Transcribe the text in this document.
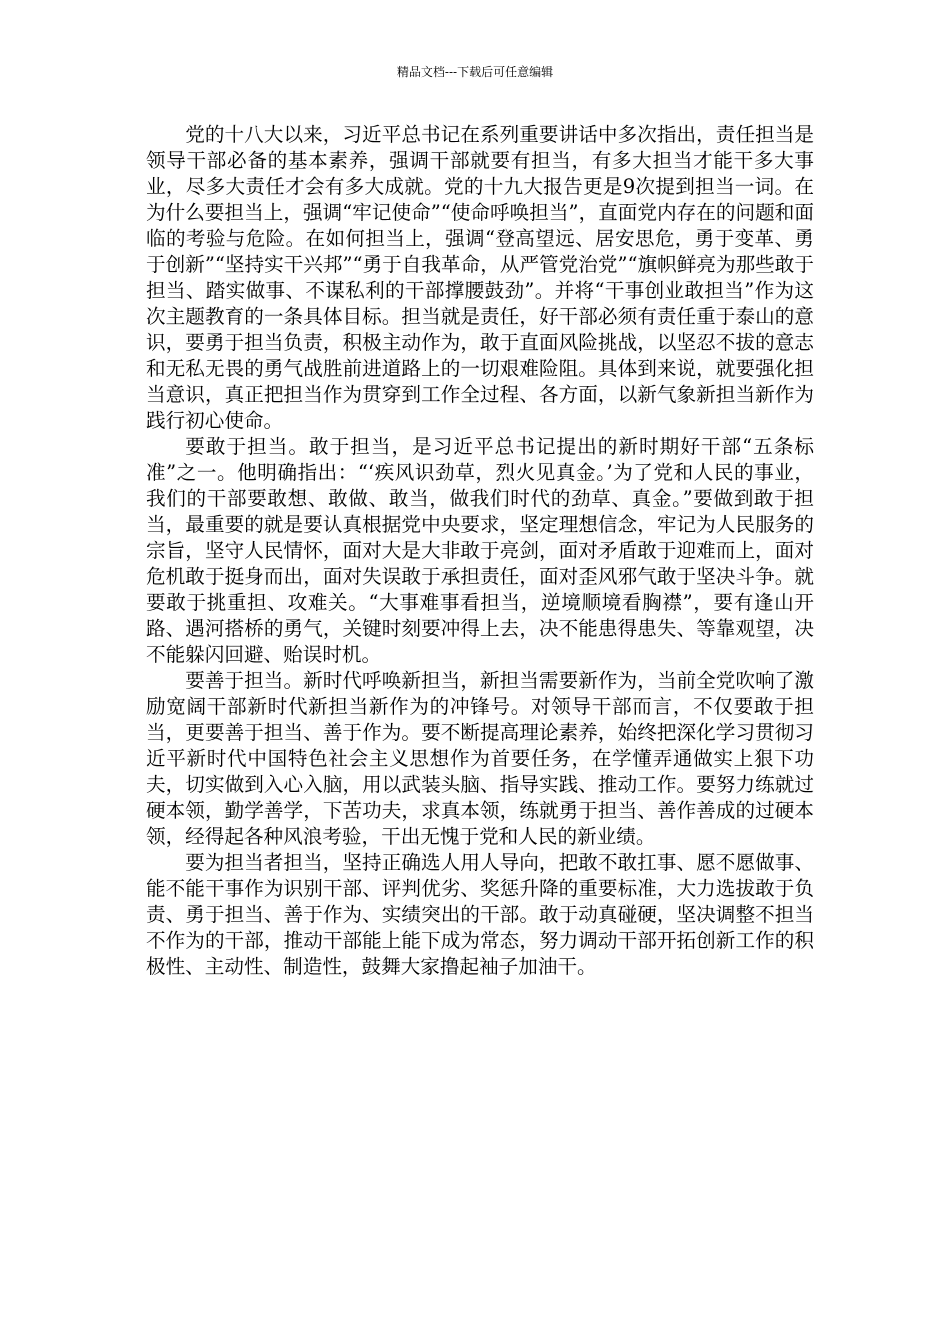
精品文档---下载后可任意编辑

党的十八大以来，习近平总书记在系列重要讲话中多次指出，责任担当是领导干部必备的基本素养，强调干部就要有担当，有多大担当才能干多大事业，尽多大责任才会有多大成就。党的十九大报告更是9次提到担当一词。在为什么要担当上，强调“牢记使命”“使命呼唤担当”，直面党内存在的问题和面临的考验与危险。在如何担当上，强调“登高望远、居安思危，勇于变革、勇于创新”“坚持实干兴邦”“勇于自我革命，从严管党治党”“旗帜鲜亮为那些敢于担当、踏实做事、不谋私利的干部撑腰鼓劲”。并将“干事创业敢担当”作为这次主题教育的一条具体目标。担当就是责任，好干部必须有责任重于泰山的意识，要勇于担当负责，积极主动作为，敢于直面风险挑战，以坚忍不拔的意志和无私无畏的勇气战胜前进道路上的一切艰难险阻。具体到来说，就要强化担当意识，真正把担当作为贯穿到工作全过程、各方面，以新气象新担当新作为践行初心使命。

要敢于担当。敢于担当，是习近平总书记提出的新时期好干部“五条标准”之一。他明确指出：“‘疾风识劲草，烈火见真金。’为了党和人民的事业，我们的干部要敢想、敢做、敢当，做我们时代的劲草、真金。”要做到敢于担当，最重要的就是要认真根据党中央要求，坚定理想信念，牢记为人民服务的宗旨，坚守人民情怀，面对大是大非敢于亮剑，面对矛盾敢于迎难而上，面对危机敢于挺身而出，面对失误敢于承担责任，面对歪风邪气敢于坚决斗争。就要敢于挑重担、攻难关。“大事难事看担当，逆境顺境看胸襟”，要有逢山开路、遇河搭桥的勇气，关键时刻要冲得上去，决不能患得患失、等靠观望，决不能躲闪回避、贻误时机。

要善于担当。新时代呼唤新担当，新担当需要新作为，当前全党吹响了激励宽阔干部新时代新担当新作为的冲锋号。对领导干部而言，不仅要敢于担当，更要善于担当、善于作为。要不断提高理论素养，始终把深化学习贯彻习近平新时代中国特色社会主义思想作为首要任务，在学懂弄通做实上狠下功夫，切实做到入心入脑，用以武装头脑、指导实践、推动工作。要努力练就过硬本领，勤学善学，下苦功夫，求真本领，练就勇于担当、善作善成的过硬本领，经得起各种风浪考验，干出无愧于党和人民的新业绩。

要为担当者担当，坚持正确选人用人导向，把敢不敢扛事、愿不愿做事、能不能干事作为识别干部、评判优劣、奖惩升降的重要标准，大力选拔敢于负责、勇于担当、善于作为、实绩突出的干部。敢于动真碰硬，坚决调整不担当不作为的干部，推动干部能上能下成为常态，努力调动干部开拓创新工作的积极性、主动性、制造性，鼓舞大家撸起袖子加油干。
